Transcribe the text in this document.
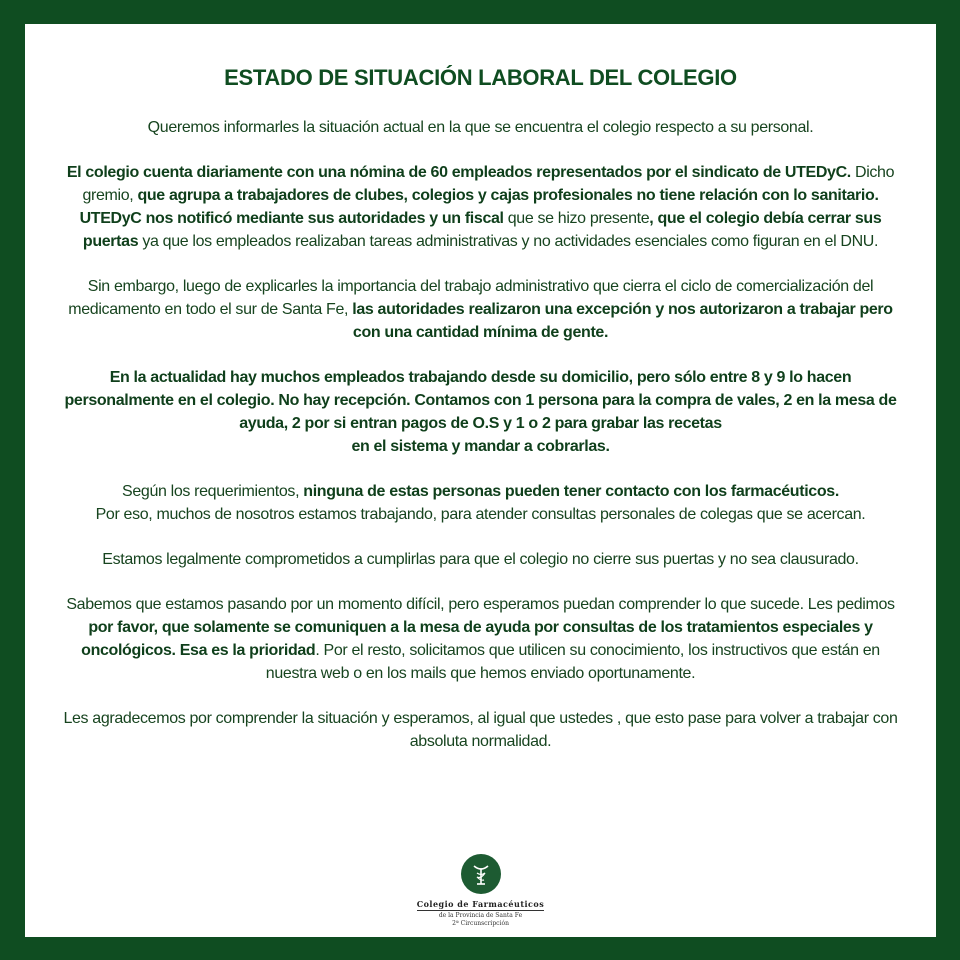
ESTADO DE SITUACIÓN LABORAL DEL COLEGIO

Queremos informarles la situación actual en la que se encuentra el colegio respecto a su personal.

El colegio cuenta diariamente con una nómina de 60 empleados representados por el sindicato de UTEDyC. Dicho gremio, que agrupa a trabajadores de clubes, colegios y cajas profesionales no tiene relación con lo sanitario. UTEDyC nos notificó mediante sus autoridades y un fiscal que se hizo presente, que el colegio debía cerrar sus puertas ya que los empleados realizaban tareas administrativas y no actividades esenciales como figuran en el DNU.

Sin embargo, luego de explicarles la importancia del trabajo administrativo que cierra el ciclo de comercialización del medicamento en todo el sur de Santa Fe, las autoridades realizaron una excepción y nos autorizaron a trabajar pero con una cantidad mínima de gente.

En la actualidad hay muchos empleados trabajando desde su domicilio, pero sólo entre 8 y 9 lo hacen personalmente en el colegio. No hay recepción. Contamos con 1 persona para la compra de vales, 2 en la mesa de ayuda, 2 por si entran pagos de O.S y 1 o 2 para grabar las recetas
en el sistema y mandar a cobrarlas.

Según los requerimientos, ninguna de estas personas pueden tener contacto con los farmacéuticos.
Por eso, muchos de nosotros estamos trabajando, para atender consultas personales de colegas que se acercan.

Estamos legalmente comprometidos a cumplirlas para que el colegio no cierre sus puertas y no sea clausurado.

Sabemos que estamos pasando por un momento difícil, pero esperamos puedan comprender lo que sucede. Les pedimos por favor, que solamente se comuniquen a la mesa de ayuda por consultas de los tratamientos especiales y oncológicos. Esa es la prioridad. Por el resto, solicitamos que utilicen su conocimiento, los instructivos que están en nuestra web o en los mails que hemos enviado oportunamente.

Les agradecemos por comprender la situación y esperamos, al igual que ustedes , que esto pase para volver a trabajar con absoluta normalidad.

Colegio de Farmacéuticos
de la Provincia de Santa Fe
2ª Circunscripción
